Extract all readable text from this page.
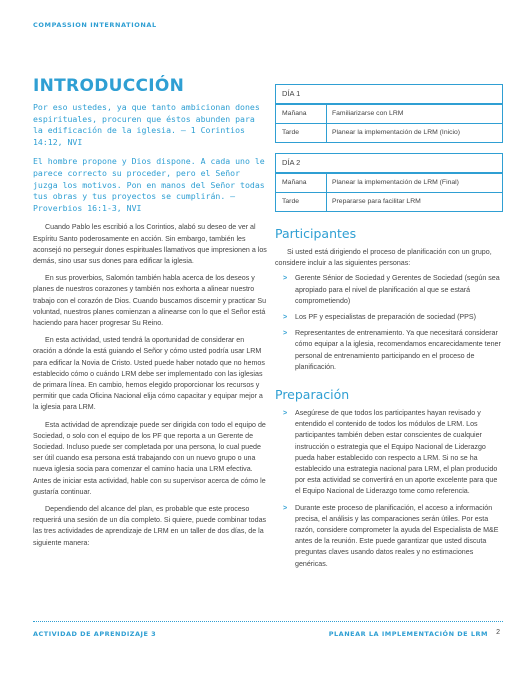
COMPASSION INTERNATIONAL
INTRODUCCIÓN

Por eso ustedes, ya que tanto ambicionan dones espirituales, procuren que éstos abunden para la edificación de la iglesia. — 1 Corintios 14:12, NVI

El hombre propone y Dios dispone. A cada uno le parece correcto su proceder, pero el Señor juzga los motivos. Pon en manos del Señor todas tus obras y tus proyectos se cumplirán. — Proverbios 16:1-3, NVI

Cuando Pablo les escribió a los Corintios, alabó su deseo de ver al Espíritu Santo poderosamente en acción. Sin embargo, también les aconsejó no perseguir dones espirituales llamativos que impresionen a los demás, sino usar sus dones para edificar la iglesia.

En sus proverbios, Salomón también habla acerca de los deseos y planes de nuestros corazones y también nos exhorta a alinear nuestro trabajo con el corazón de Dios. Cuando buscamos discernir y practicar Su voluntad, nuestros planes comienzan a alinearse con lo que el Señor está haciendo para hacer progresar Su Reino.

En esta actividad, usted tendrá la oportunidad de considerar en oración a dónde la está guiando el Señor y cómo usted podría usar LRM para edificar la Novia de Cristo. Usted puede haber notado que no hemos establecido cómo o cuándo LRM debe ser implementado con las iglesias de primara línea. En cambio, hemos elegido proporcionar los recursos y permitir que cada Oficina Nacional elija cómo capacitar y equipar mejor a la iglesia para LRM.

Esta actividad de aprendizaje puede ser dirigida con todo el equipo de Sociedad, o solo con el equipo de los PF que reporta a un Gerente de Sociedad. Incluso puede ser completada por una persona, lo cual puede ser útil cuando esa persona está trabajando con un nuevo grupo o una nueva iglesia socia para comenzar el camino hacia una LRM efectiva. Antes de iniciar esta actividad, hable con su supervisor acerca de cómo le gustaría continuar.

Dependiendo del alcance del plan, es probable que este proceso requerirá una sesión de un día completo. Si quiere, puede combinar todas las tres actividades de aprendizaje de LRM en un taller de dos días, de la siguiente manera:

DÍA 1
Mañana	Familiarizarse con LRM
Tarde	Planear la implementación de LRM (Inicio)
DÍA 2
Mañana	Planear la implementación de LRM (Final)
Tarde	Prepararse para facilitar LRM
Participantes

Si usted está dirigiendo el proceso de planificación con un grupo, considere incluir a las siguientes personas:

> Gerente Sénior de Sociedad y Gerentes de Sociedad (según sea apropiado para el nivel de planificación al que se estará comprometiendo)
> Los PF y especialistas de preparación de sociedad (PPS)
> Representantes de entrenamiento. Ya que necesitará considerar cómo equipar a la iglesia, recomendamos encarecidamente tener personal de entrenamiento participando en el proceso de planificación.
Preparación
> Asegúrese de que todos los participantes hayan revisado y entendido el contenido de todos los módulos de LRM. Los participantes también deben estar conscientes de cualquier instrucción o estrategia que el Equipo Nacional de Liderazgo pueda haber establecido con respecto a LRM. Si no se ha establecido una estrategia nacional para LRM, el plan producido por esta actividad se convertirá en un aporte excelente para que el Equipo Nacional de Liderazgo tome como referencia.
> Durante este proceso de planificación, el acceso a información precisa, el análisis y las comparaciones serán útiles. Por esta razón, considere comprometer la ayuda del Especialista de M&E antes de la reunión. Este puede garantizar que usted discuta preguntas claves usando datos reales y no estimaciones genéricas.
ACTIVIDAD DE APRENDIZAJE 3	PLANEAR LA IMPLEMENTACIÓN DE LRM 2
